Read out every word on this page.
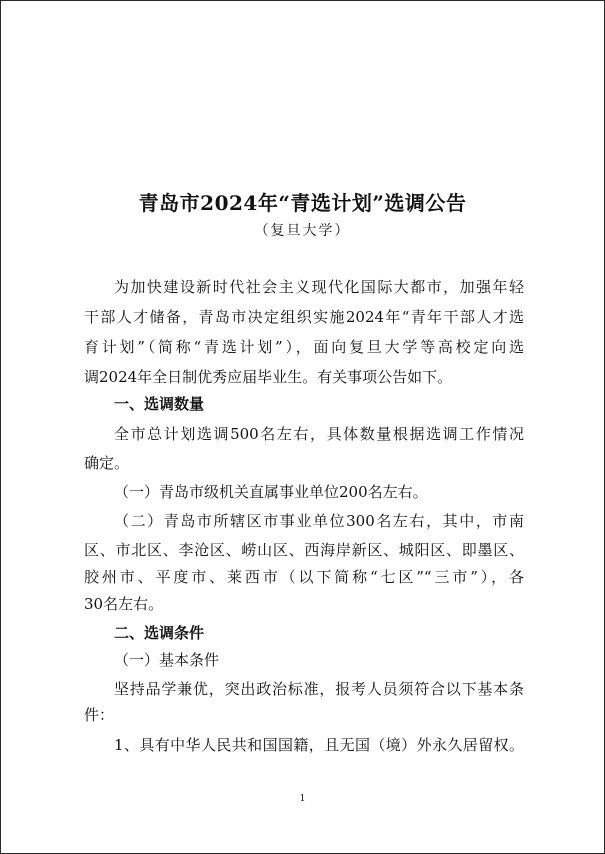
青岛市2024年“青选计划”选调公告
（复旦大学）
为加快建设新时代社会主义现代化国际大都市，加强年轻
干部人才储备，青岛市决定组织实施2024年“青年干部人才选
育计划”（简称“青选计划”），面向复旦大学等高校定向选
调2024年全日制优秀应届毕业生。有关事项公告如下。
一、选调数量
全市总计划选调500名左右，具体数量根据选调工作情况
确定。
（一）青岛市级机关直属事业单位200名左右。
（二）青岛市所辖区市事业单位300名左右，其中，市南
区、市北区、李沧区、崂山区、西海岸新区、城阳区、即墨区、
胶州市、平度市、莱西市（以下简称“七区”“三市”），各
30名左右。
二、选调条件
（一）基本条件
坚持品学兼优，突出政治标准，报考人员须符合以下基本条
件：
1、具有中华人民共和国国籍，且无国（境）外永久居留权。
1
